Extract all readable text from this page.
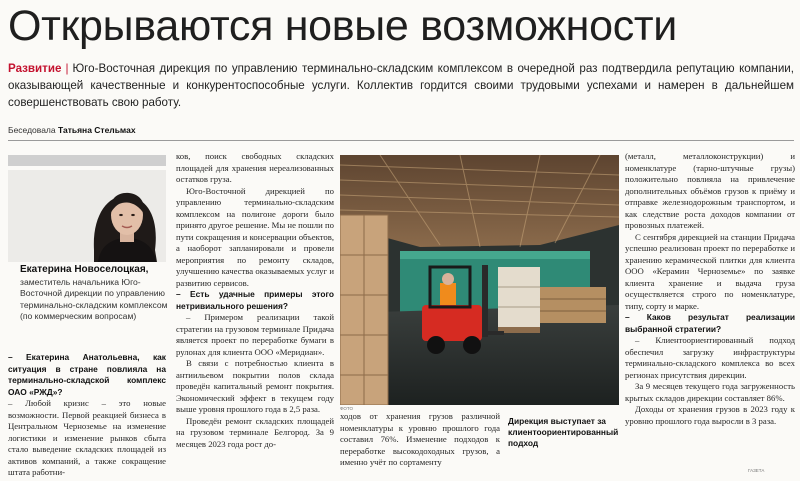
Открываются новые возможности
Развитие | Юго-Восточная дирекция по управлению терминально-складским комплексом в очередной раз подтвердила репутацию компании, оказывающей качественные и конкурентоспособные услуги. Коллектив гордится своими трудовыми успехами и намерен в дальнейшем совершенствовать свою работу.
Беседовала Татьяна Стельмах
Екатерина Новоселоцкая,
заместитель начальника Юго-Восточной дирекции по управлению терминально-складским комплексом (по коммерческим вопросам)

– Екатерина Анатольевна, как ситуация в стране повлияла на терминально-складской комплекс ОАО «РЖД»?

– Любой кризис – это новые возможности. Первой реакцией бизнеса в Центральном Черноземье на изменение логистики и изменение рынков сбыта стало выведение складских площадей из активов компаний, а также сокращение штата работни-

ков, поиск свободных складских площадей для хранения нереализованных остатков груза.

Юго-Восточной дирекцией по управлению терминально-складским комплексом на полигоне дороги было принято другое решение. Мы не пошли по пути сокращения и консервации объектов, а наоборот запланировали и провели мероприятия по ремонту складов, улучшению качества оказываемых услуг и развитию сервисов.

– Есть удачные примеры этого нетривиального решения?

– Примером реализации такой стратегии на грузовом терминале Придача является проект по переработке бумаги в рулонах для клиента ООО «Меридиан».

В связи с потребностью клиента в антиильевом покрытии полов склада проведён капитальный ремонт покрытия. Экономический эффект в текущем году выше уровня прошлого года в 2,5 раза.

Проведён ремонт складских площадей на грузовом терминале Белгород. За 9 месяцев 2023 года рост до-

ФОТО

ходов от хранения грузов различной номенклатуры к уровню прошлого года составил 76%. Изменение подходов к переработке высокодоходных грузов, а именно учёт по сортаменту

Дирекция выступает за клиентоориентированный подход

(металл, металлоконструкции) и номенклатуре (тарно-штучные грузы) положительно повлияла на привлечение дополнительных объёмов грузов к приёму и отправке железнодорожным транспортом, и как следствие роста доходов компании от провозных платежей.

С сентября дирекцией на станции Придача успешно реализован проект по переработке и хранению керамической плитки для клиента ООО «Керамин Черноземье» по заявке клиента хранение и выдача груза осуществляется строго по номенклатуре, типу, сорту и марке.

– Каков результат реализации выбранной стратегии?

– Клиентоориентированный подход обеспечил загрузку инфраструктуры терминально-складского комплекса во всех регионах присутствия дирекции.

За 9 месяцев текущего года загруженность крытых складов дирекции составляет 86%.

Доходы от хранения грузов в 2023 году к уровню прошлого года выросли в 3 раза.

ГАЗЕТА
